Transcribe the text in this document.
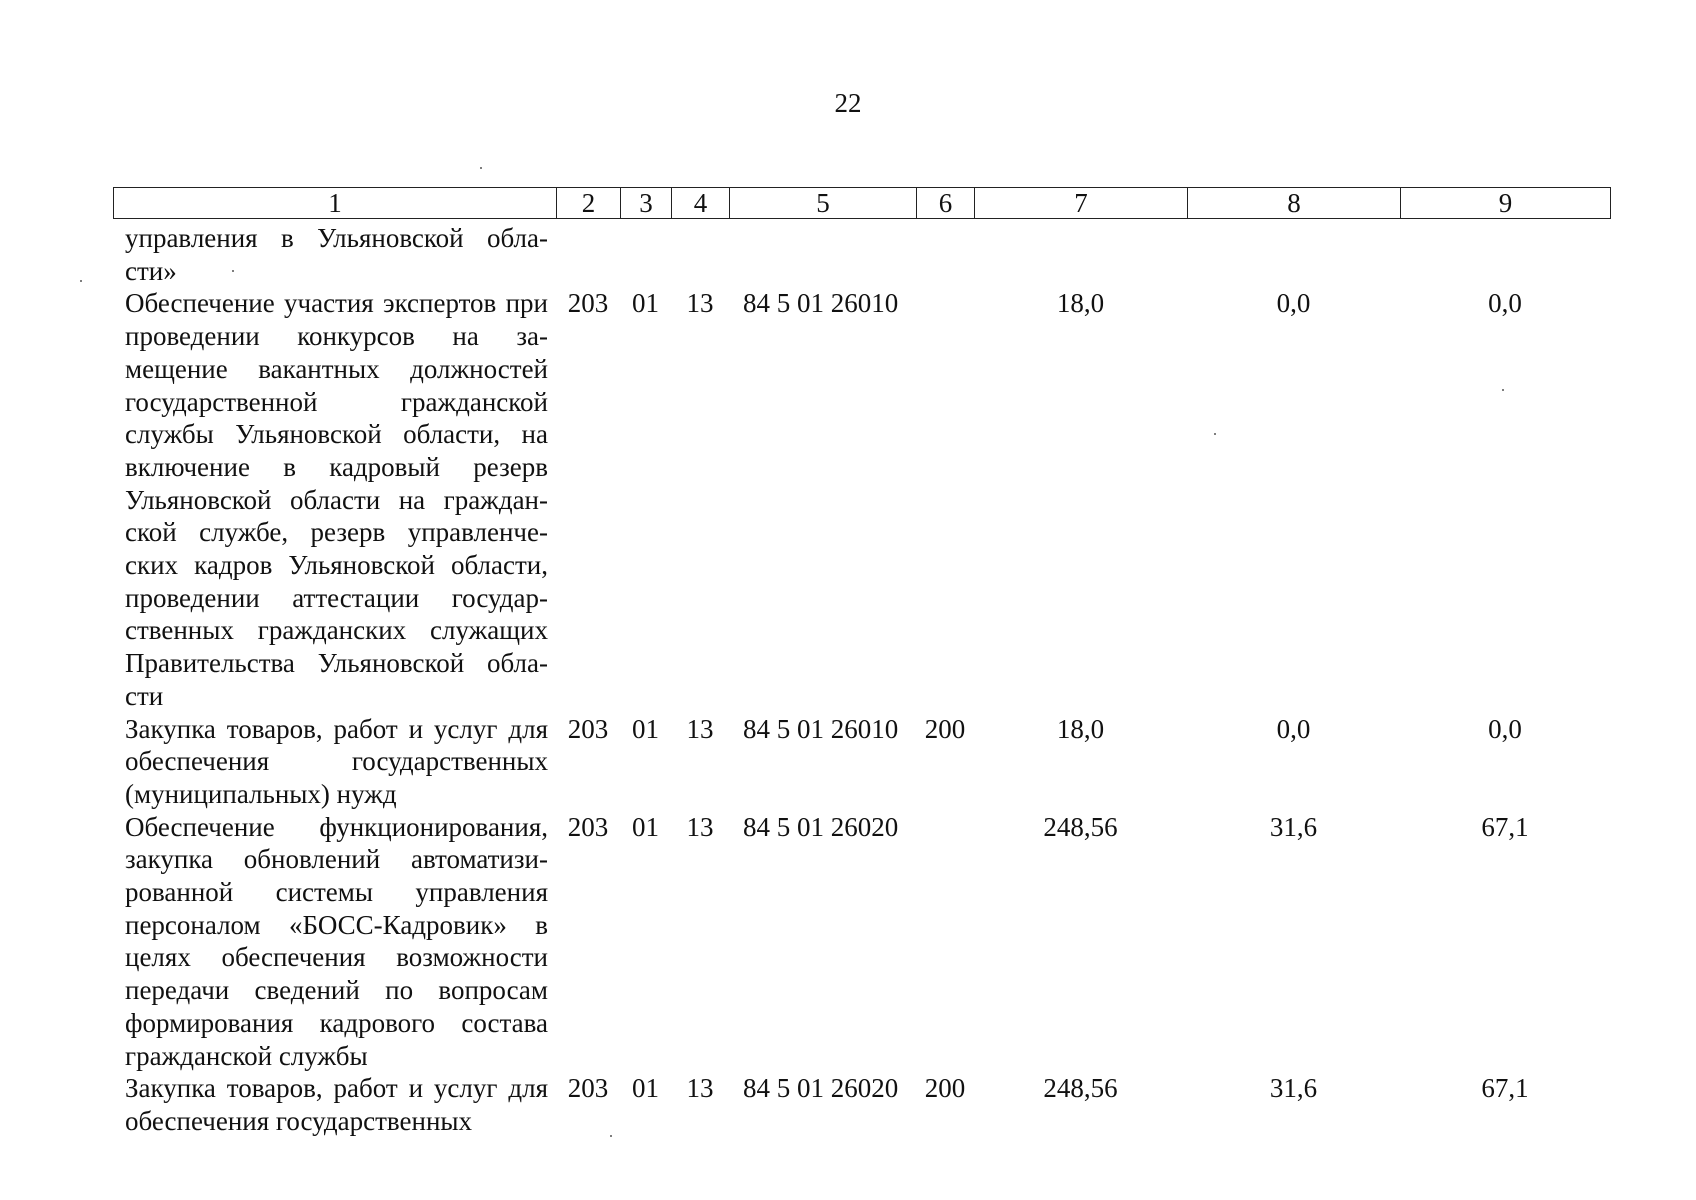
22
1	2	3	4	5	6	7	8	9
управления в Ульяновской обла-сти»								
Обеспечение участия экспертов при проведении конкурсов на за-мещение вакантных должностей государственной гражданской службы Ульяновской области, на включение в кадровый резерв Ульяновской области на граждан-ской службе, резерв управленче-ских кадров Ульяновской области, проведении аттестации государ-ственных гражданских служащих Правительства Ульяновской обла-сти	203	01	13	84 5 01 26010		18,0	0,0	0,0
Закупка товаров, работ и услуг для обеспечения государственных (муниципальных) нужд	203	01	13	84 5 01 26010	200	18,0	0,0	0,0
Обеспечение функционирования, закупка обновлений автоматизи-рованной системы управления персоналом «БОСС-Кадровик» в целях обеспечения возможности передачи сведений по вопросам формирования кадрового состава гражданской службы	203	01	13	84 5 01 26020		248,56	31,6	67,1
Закупка товаров, работ и услуг для обеспечения государственных	203	01	13	84 5 01 26020	200	248,56	31,6	67,1
